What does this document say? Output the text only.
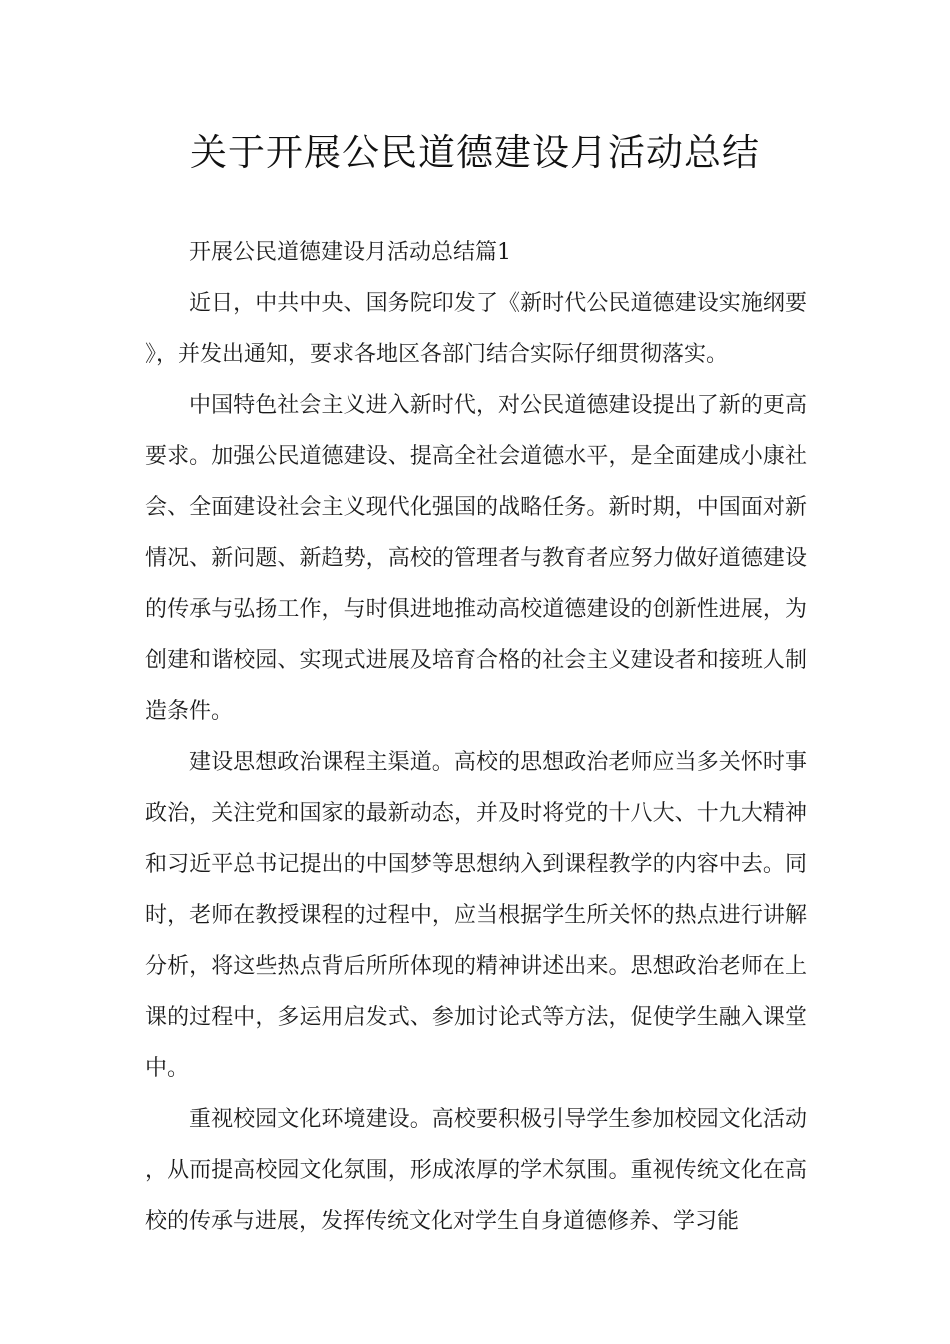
关于开展公民道德建设月活动总结

开展公民道德建设月活动总结篇1

近日，中共中央、国务院印发了《新时代公民道德建设实施纲要》，并发出通知，要求各地区各部门结合实际仔细贯彻落实。

中国特色社会主义进入新时代，对公民道德建设提出了新的更高要求。加强公民道德建设、提高全社会道德水平，是全面建成小康社会、全面建设社会主义现代化强国的战略任务。新时期，中国面对新情况、新问题、新趋势，高校的管理者与教育者应努力做好道德建设的传承与弘扬工作，与时俱进地推动高校道德建设的创新性进展，为创建和谐校园、实现式进展及培育合格的社会主义建设者和接班人制造条件。

建设思想政治课程主渠道。高校的思想政治老师应当多关怀时事政治，关注党和国家的最新动态，并及时将党的十八大、十九大精神和习近平总书记提出的中国梦等思想纳入到课程教学的内容中去。同时，老师在教授课程的过程中，应当根据学生所关怀的热点进行讲解分析，将这些热点背后所所体现的精神讲述出来。思想政治老师在上课的过程中，多运用启发式、参加讨论式等方法，促使学生融入课堂中。

重视校园文化环境建设。高校要积极引导学生参加校园文化活动，从而提高校园文化氛围，形成浓厚的学术氛围。重视传统文化在高校的传承与进展，发挥传统文化对学生自身道德修养、学习能
